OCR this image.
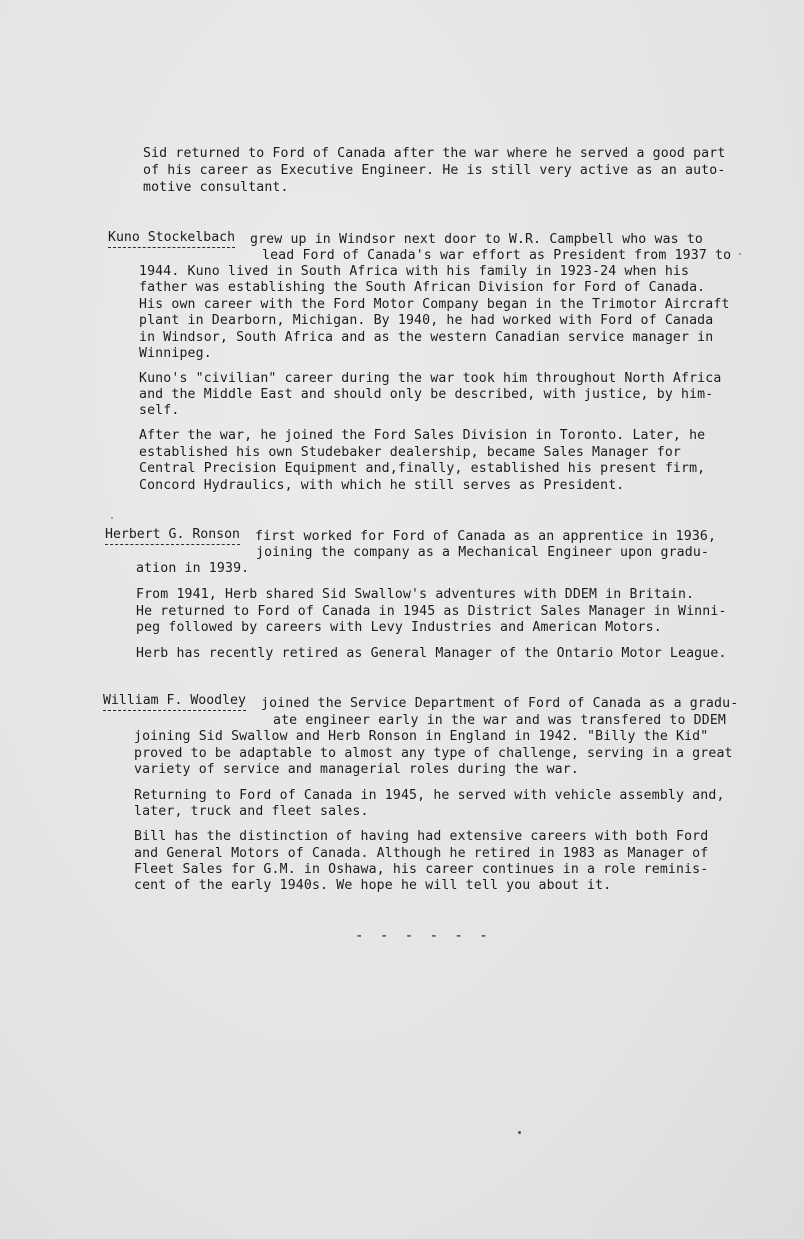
Sid returned to Ford of Canada after the war where he served a good part
of his career as Executive Engineer. He is still very active as an auto-
motive consultant.
Kuno Stockelbach grew up in Windsor next door to W.R. Campbell who was to
lead Ford of Canada's war effort as President from 1937 to
1944. Kuno lived in South Africa with his family in 1923-24 when his
father was establishing the South African Division for Ford of Canada.
His own career with the Ford Motor Company began in the Trimotor Aircraft
plant in Dearborn, Michigan. By 1940, he had worked with Ford of Canada
in Windsor, South Africa and as the western Canadian service manager in
Winnipeg.
Kuno's "civilian" career during the war took him throughout North Africa
and the Middle East and should only be described, with justice, by him-
self.
After the war, he joined the Ford Sales Division in Toronto. Later, he
established his own Studebaker dealership, became Sales Manager for
Central Precision Equipment and,finally, established his present firm,
Concord Hydraulics, with which he still serves as President.
Herbert G. Ronson first worked for Ford of Canada as an apprentice in 1936,
joining the company as a Mechanical Engineer upon gradu-
ation in 1939.
From 1941, Herb shared Sid Swallow's adventures with DDEM in Britain.
He returned to Ford of Canada in 1945 as District Sales Manager in Winni-
peg followed by careers with Levy Industries and American Motors.
Herb has recently retired as General Manager of the Ontario Motor League.
William F. Woodley joined the Service Department of Ford of Canada as a gradu-
ate engineer early in the war and was transfered to DDEM
joining Sid Swallow and Herb Ronson in England in 1942. "Billy the Kid"
proved to be adaptable to almost any type of challenge, serving in a great
variety of service and managerial roles during the war.
Returning to Ford of Canada in 1945, he served with vehicle assembly and,
later, truck and fleet sales.
Bill has the distinction of having had extensive careers with both Ford
and General Motors of Canada. Although he retired in 1983 as Manager of
Fleet Sales for G.M. in Oshawa, his career continues in a role reminis-
cent of the early 1940s. We hope he will tell you about it.
- - - - - -
